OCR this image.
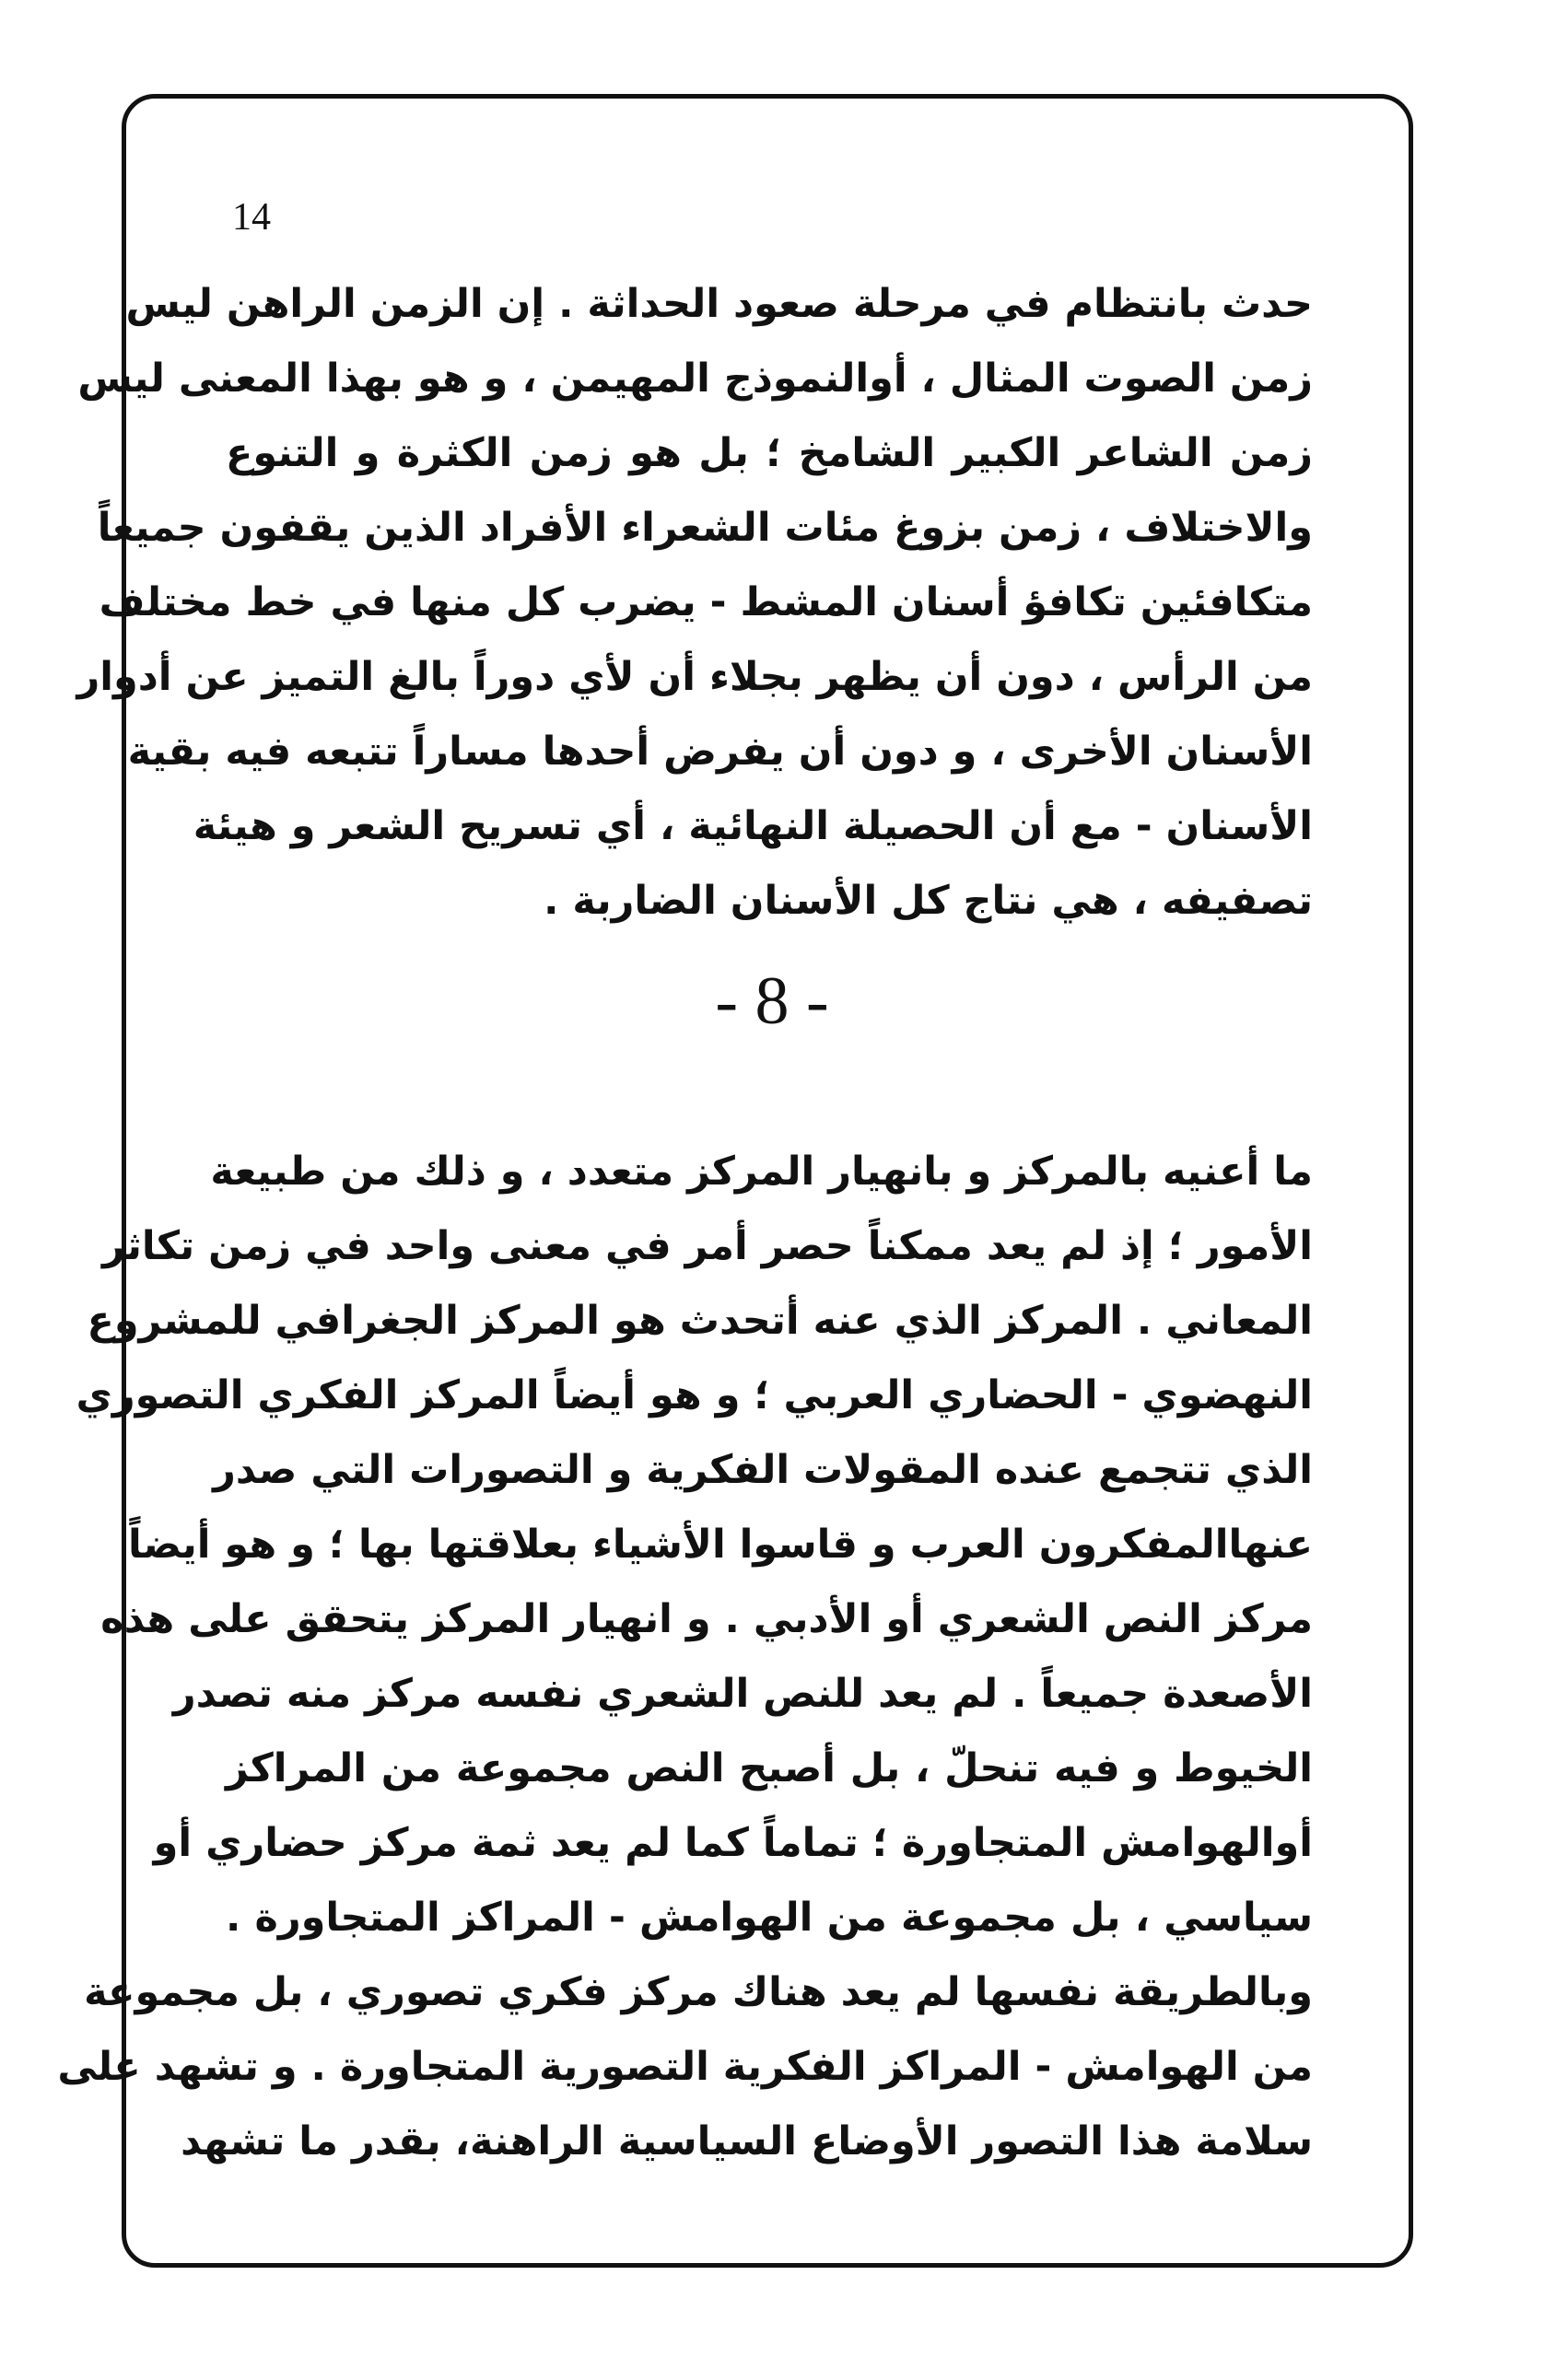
14
حدث بانتظام في مرحلة صعود الحداثة . إن الزمن الراهن ليس
زمن الصوت المثال ، أوالنموذج المهيمن ، و هو بهذا المعنى ليس
زمن الشاعر الكبير الشامخ ؛ بل هو زمن الكثرة و التنوع
والاختلاف ، زمن بزوغ مئات الشعراء الأفراد الذين يقفون جميعاً
متكافئين تكافؤ أسنان المشط - يضرب كل منها في خط مختلف
من الرأس ، دون أن يظهر بجلاء أن لأي دوراً بالغ التميز عن أدوار
الأسنان الأخرى ، و دون أن يفرض أحدها مساراً تتبعه فيه بقية
الأسنان - مع أن الحصيلة النهائية ، أي تسريح الشعر و هيئة
تصفيفه ، هي نتاج كل الأسنان الضاربة .
- 8 -
ما أعنيه بالمركز و بانهيار المركز متعدد ، و ذلك من طبيعة
الأمور ؛ إذ لم يعد ممكناً حصر أمر في معنى واحد في زمن تكاثر
المعاني . المركز الذي عنه أتحدث هو المركز الجغرافي للمشروع
النهضوي - الحضاري العربي ؛ و هو أيضاً المركز الفكري التصوري
الذي تتجمع عنده المقولات الفكرية و التصورات التي صدر
عنهاالمفكرون العرب و قاسوا الأشياء بعلاقتها بها ؛ و هو أيضاً
مركز النص الشعري أو الأدبي . و انهيار المركز يتحقق على هذه
الأصعدة جميعاً . لم يعد للنص الشعري نفسه مركز منه تصدر
الخيوط و فيه تنحلّ ، بل أصبح النص مجموعة من المراكز
أوالهوامش المتجاورة ؛ تماماً كما لم يعد ثمة مركز حضاري أو
سياسي ، بل مجموعة من الهوامش - المراكز المتجاورة .
وبالطريقة نفسها لم يعد هناك مركز فكري تصوري ، بل مجموعة
من الهوامش - المراكز الفكرية التصورية المتجاورة . و تشهد على
سلامة هذا التصور الأوضاع السياسية الراهنة، بقدر ما تشهد
